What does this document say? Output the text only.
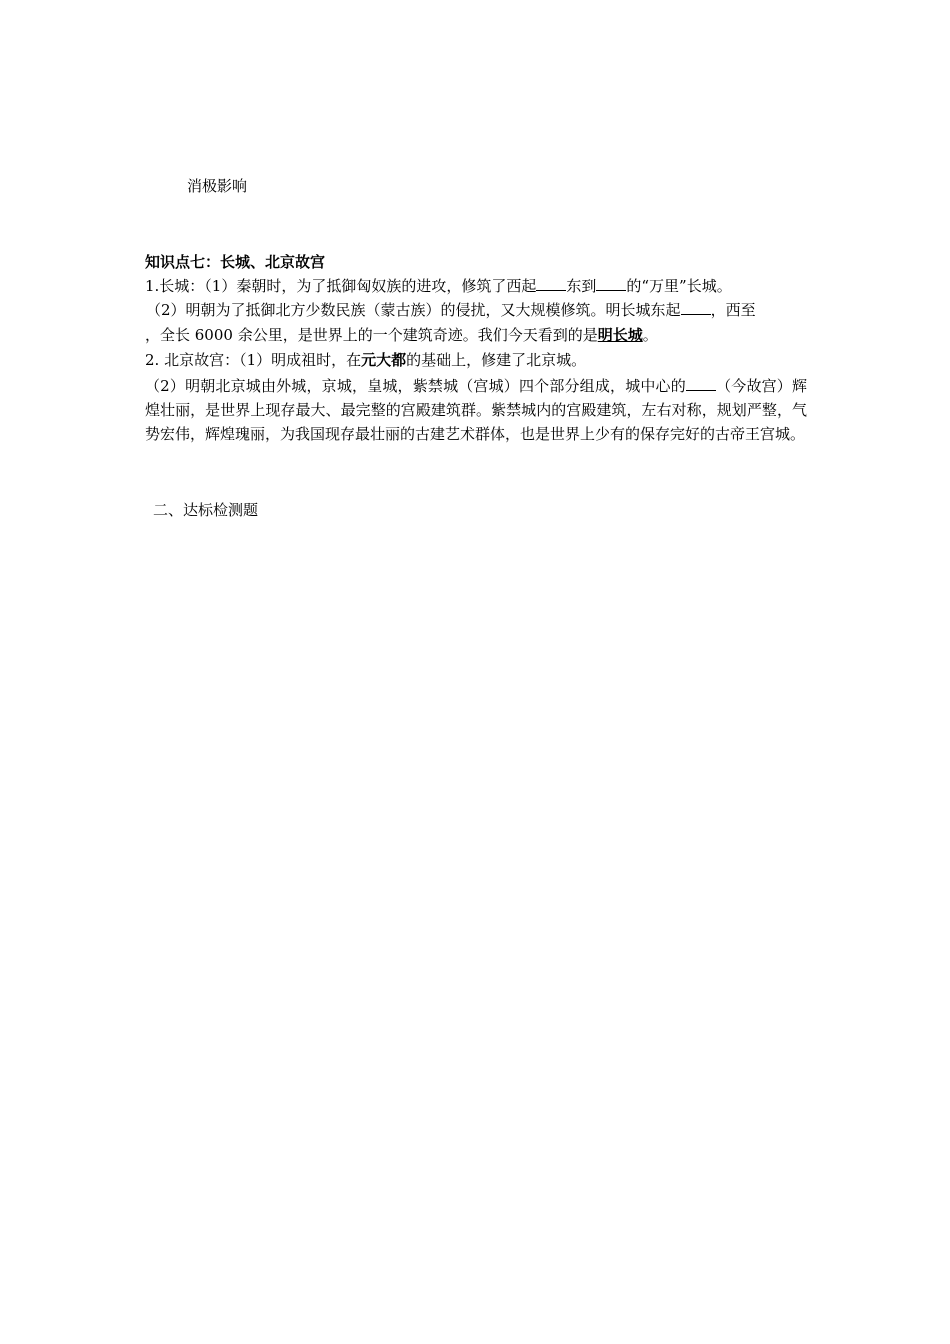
消极影响
知识点七：长城、北京故宫
1.长城：（1）秦朝时，为了抵御匈奴族的进攻，修筑了西起 东到 的“万里”长城。
（2）明朝为了抵御北方少数民族（蒙古族）的侵扰，又大规模修筑。明长城东起 ，西至
，全长 6000 余公里，是世界上的一个建筑奇迹。我们今天看到的是明长城。
2. 北京故宫：（1）明成祖时，在元大都的基础上，修建了北京城。
（2）明朝北京城由外城，京城，皇城，紫禁城（宫城）四个部分组成，城中心的 （今故宫）辉煌壮丽，是世界上现存最大、最完整的宫殿建筑群。紫禁城内的宫殿建筑，左右对称，规划严整，气势宏伟，辉煌瑰丽，为我国现存最壮丽的古建艺术群体，也是世界上少有的保存完好的古帝王宫城。
二、达标检测题
